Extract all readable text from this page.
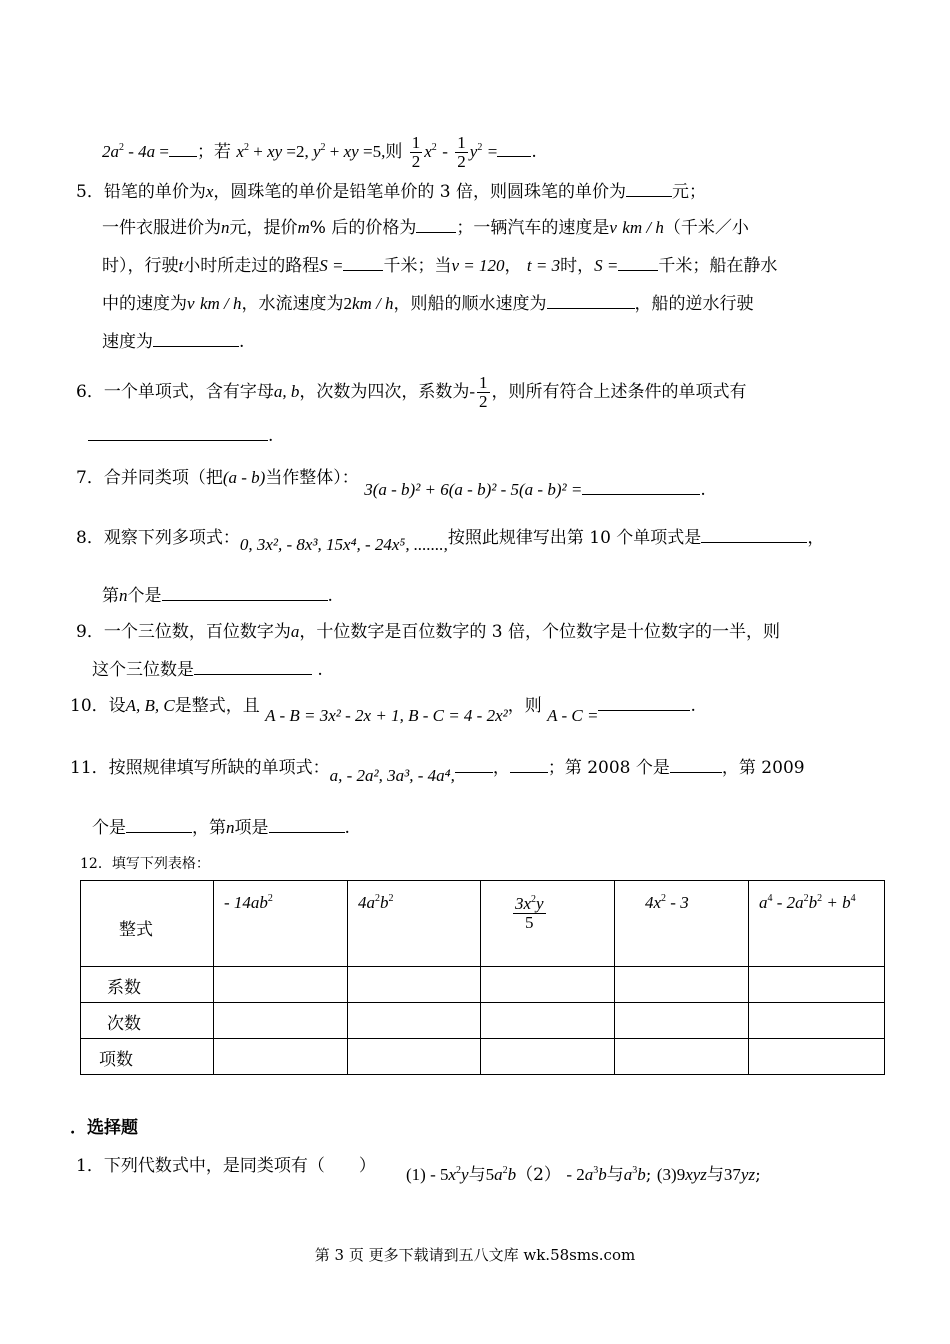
$2a^2 - 4a$ = ；若 $x^2$ + xy =2, $y^2$ + xy =5,则 $\frac{1}{2} x^2 - \frac{1}{2} y^2$ = .
5．铅笔的单价为x，圆珠笔的单价是铅笔单价的 3 倍，则圆珠笔的单价为	元；
一件衣服进价为n元，提价m% 后的价格为 ；一辆汽车的速度是v km / h（千米／小
时），行驶t小时所走过的路程S = 千米；当v = 120， t = 3时，S = 千米；船在静水
中的速度为v km / h，水流速度为2km / h，则船的顺水速度为	，船的逆水行驶
速度为	.
6．一个单项式，含有字母a, b，次数为四次，系数为- $\frac{1}{2}$ ，则所有符合上述条件的单项式有
.
7．合并同类项（把(a - b)当作整体）： 3(a - b)² + 6(a - b)² - 5(a - b)² =	.
8．观察下列多项式：0, 3x², - 8x³, 15x⁴, - 24x⁵, .......,按照此规律写出第 10 个单项式是	，
第n个是	.
9．一个三位数，百位数字为a，十位数字是百位数字的 3 倍，个位数字是十位数字的一半，则
这个三位数是	.
10．设A, B, C是整式，且 A - B = 3x² - 2x + 1, B - C = 4 - 2x²，则 A - C =	.
11．按照规律填写所缺的单项式：a, - 2a², 3a³, - 4a⁴, ， ；第 2008 个是	，第 2009
个是	，第n项是	.
12．填写下列表格：
整式	- $14ab^2$	$4a^2b^2$	$\frac{3x^2y}{5}$	$4x^2 - 3$	$a^4 - 2a^2b^2 + b^4$

系数					

次数					

项数					

．选择题
1．下列代数式中，是同类项有（　　） $(1) - 5x^2y$与$5a^2b(2) - 2a^3b$与$a^3b$; (3)9xyz与37yz;
第 3 页 更多下载请到五八文库 wk.58sms.com
